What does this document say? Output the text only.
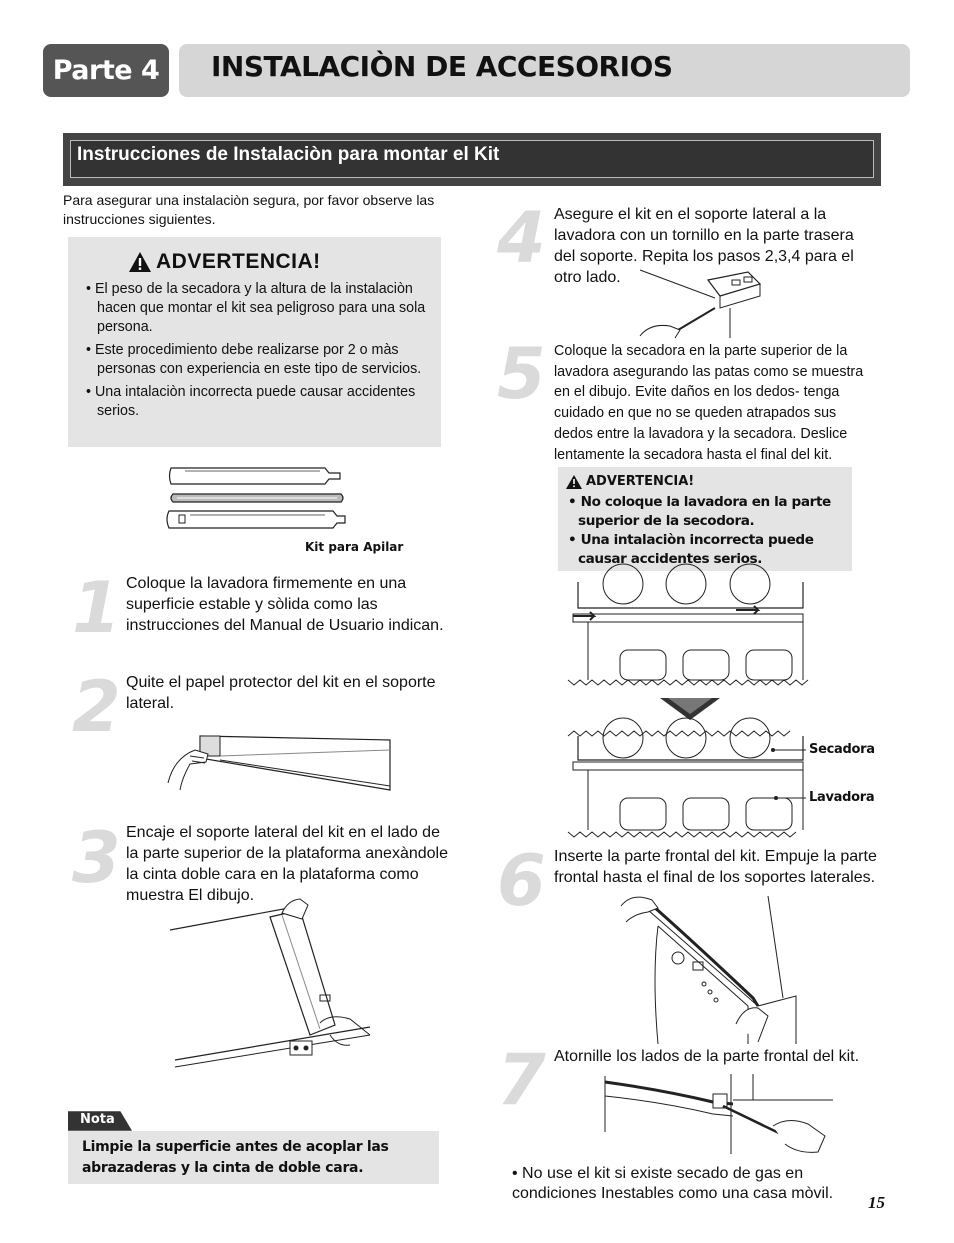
Parte 4 INSTALACIÒN DE ACCESORIOS
Instrucciones de Instalaciòn para montar el Kit
Para asegurar una instalaciòn segura, por favor observe las instrucciones siguientes.
ADVERTENCIA!
• El peso de la secadora y la altura de la instalaciòn hacen que montar el kit sea peligroso para una sola persona.
• Este procedimiento debe realizarse por 2 o màs personas con experiencia en este tipo de servicios.
• Una intalaciòn incorrecta puede causar accidentes serios.
Kit para Apilar
1 Coloque la lavadora firmemente en una superficie estable y sòlida como las instrucciones del Manual de Usuario indican.
2 Quite el papel protector del kit en el soporte lateral.
3 Encaje el soporte lateral del kit en el lado de la parte superior de la plataforma anexàndole la cinta doble cara en la plataforma como muestra El dibujo.
Nota
Limpie la superficie antes de acoplar las abrazaderas y la cinta de doble cara.
4 Asegure el kit en el soporte lateral a la lavadora con un tornillo en la parte trasera del soporte. Repita los pasos 2,3,4 para el otro lado.
5 Coloque la secadora en la parte superior de la lavadora asegurando las patas como se muestra en el dibujo. Evite daños en los dedos- tenga cuidado en que no se queden atrapados sus dedos entre la lavadora y la secadora. Deslice lentamente la secadora hasta el final del kit.
ADVERTENCIA!
• No coloque la lavadora en la parte superior de la secodora.
• Una intalaciòn incorrecta puede causar accidentes serios.
Secadora
Lavadora
6 Inserte la parte frontal del kit. Empuje la parte frontal hasta el final de los soportes laterales.
7 Atornille los lados de la parte frontal del kit.
• No use el kit si existe secado de gas en condiciones Inestables como una casa mòvil.	15
